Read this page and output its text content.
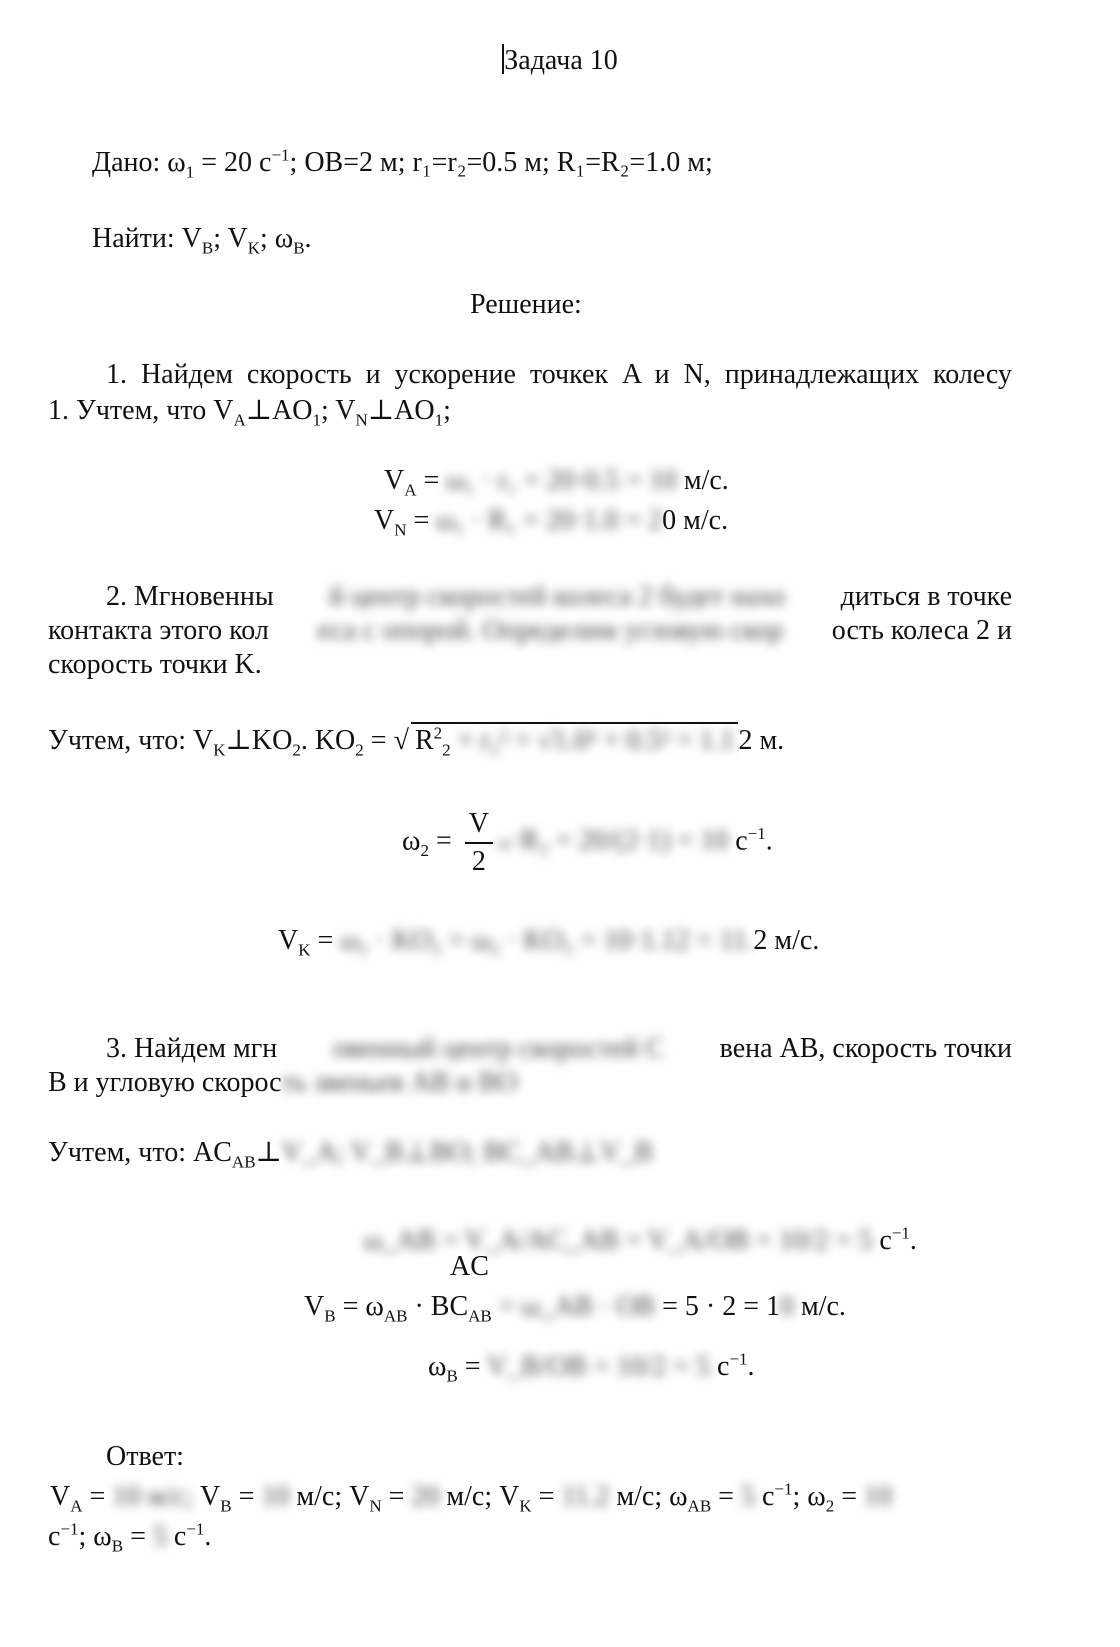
Задача 10
Дано: $\omega_1 = 20$ $с^{-1}$; OB=2 м; r₁=r₂=0.5 м; R₁=R₂=1.0 м;
Найти: $V_B$; $V_K$; $\omega_B$.
Решение:
1. Найдем скорость и ускорение точкек A и N, принадлежащих колесу
1. Учтем, что $V_A\perp AO_1$; $V_N\perp AO_1$;
$V_A = \omega_1 \cdot r_1 = 20\cdot 0.5 = 10$ м/с.
$V_N = \omega_1 \cdot R_1 = 20\cdot 1.0 = 20$ м/с.
2. Мгновенны й центр скоростей колеса 2 будет нахо диться в точке
контакта этого кол еса с опорой. Определим угловую скор ость колеса 2 и
скорость точки K.
Учтем, что: $V_K\perp KO_2$. $KO_2$ = √ $R^2_2 + r_2^2 = √1.0^2 + 0.5^2 = 1.1$ 2 м.
$\omega_2 = \frac{V}{2} _n\cdot R_2 = 20/(2\cdot 1) = 10$ $с^{-1}$.
$V_K = \omega_2 \cdot KO_2 = \omega_2 \cdot KO_2 = 10\cdot 1.12 = 11.2$ м/с.
3. Найдем мгн овенный центр скоростей C вена AB, скорость точки
B и угловую скорость звеньев AB и BO
Учтем, что: $AC_{AB}\perp V\_A$; V_B⊥BO; BC_AB⊥V_B
ω_AB = V_A/AC_AB = V_A/OB = 10/2 = 5 $с^{-1}$.
AC
$V_B = \omega_{AB} \cdot BC_{AB}$ = ω_AB · OB = 5 · 2 = 10 м/с.
$\omega_B$ = V_B/OB = 10/2 = 5 $с^{-1}$.
Ответ:
$V_A = 10$ м/с; $V_B = 10$ м/с; $V_N = 20$ м/с; $V_K = 11.2$ м/с; $\omega_{AB} = 5$ $с^{-1}$; $\omega_2 = 10$
$с^{-1}$; $\omega_B = 5$ $с^{-1}$.
